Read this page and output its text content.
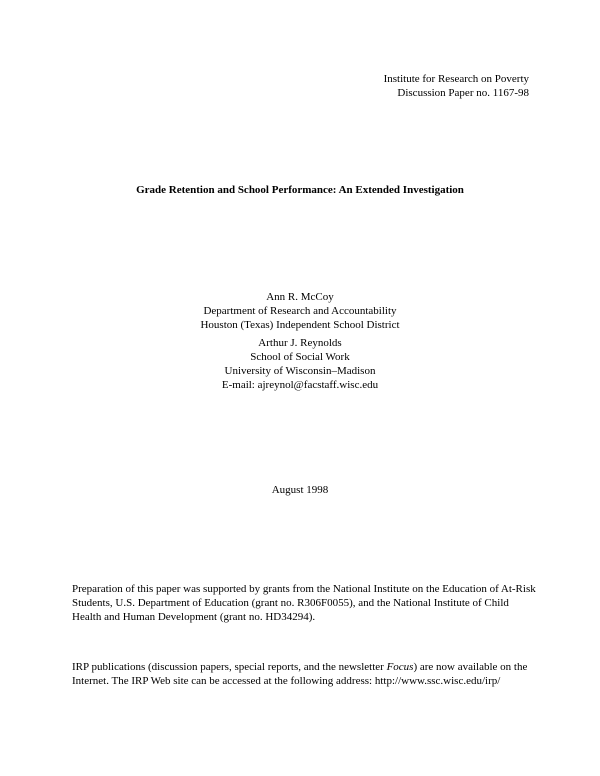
Institute for Research on Poverty
Discussion Paper no. 1167-98
Grade Retention and School Performance: An Extended Investigation
Ann R. McCoy
Department of Research and Accountability
Houston (Texas) Independent School District
Arthur J. Reynolds
School of Social Work
University of Wisconsin–Madison
E-mail: ajreynol@facstaff.wisc.edu
August 1998
Preparation of this paper was supported by grants from the National Institute on the Education of At-Risk
Students, U.S. Department of Education (grant no. R306F0055), and the National Institute of Child
Health and Human Development (grant no. HD34294).
IRP publications (discussion papers, special reports, and the newsletter Focus) are now available on the
Internet. The IRP Web site can be accessed at the following address: http://www.ssc.wisc.edu/irp/
